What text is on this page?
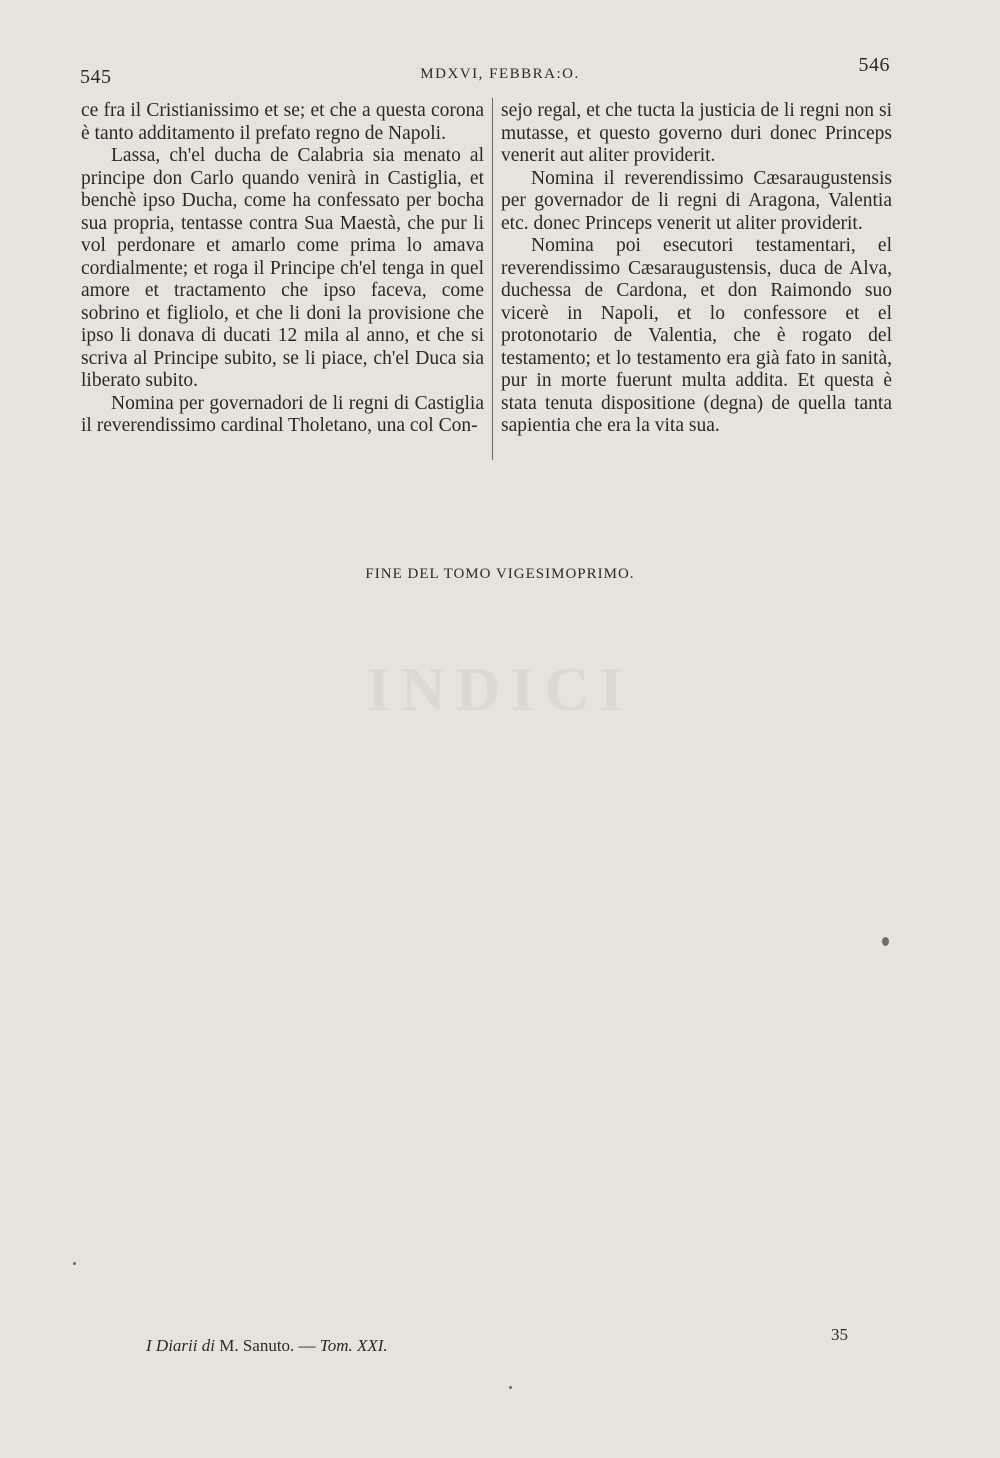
545	MDXVI, FEBBRA:O.	546

ce fra il Cristianissimo et se; et che a questa corona è tanto additamento il prefato regno de Napoli.

Lassa, ch'el ducha de Calabria sia menato al principe don Carlo quando venirà in Castiglia, et benchè ipso Ducha, come ha confessato per bocha sua propria, tentasse contra Sua Maestà, che pur li vol perdonare et amarlo come prima lo amava cordialmente; et roga il Principe ch'el tenga in quel amore et tractamento che ipso faceva, come sobrino et figliolo, et che li doni la provisione che ipso li donava di ducati 12 mila al anno, et che si scriva al Principe subito, se li piace, ch'el Duca sia liberato subito.

Nomina per governadori de li regni di Castiglia il reverendissimo cardinal Tholetano, una col Con-

sejo regal, et che tucta la justicia de li regni non si mutasse, et questo governo duri donec Princeps venerit aut aliter providerit.

Nomina il reverendissimo Cæsaraugustensis per governador de li regni di Aragona, Valentia etc. donec Princeps venerit ut aliter providerit.

Nomina poi esecutori testamentari, el reverendissimo Cæsaraugustensis, duca de Alva, duchessa de Cardona, et don Raimondo suo vicerè in Napoli, et lo confessore et el protonotario de Valentia, che è rogato del testamento; et lo testamento era già fato in sanità, pur in morte fuerunt multa addita. Et questa è stata tenuta dispositione (degna) de quella tanta sapientia che era la vita sua.

FINE DEL TOMO VIGESIMOPRIMO.
INDICI
I Diarii di M. Sanuto. — Tom. XXI.
35
